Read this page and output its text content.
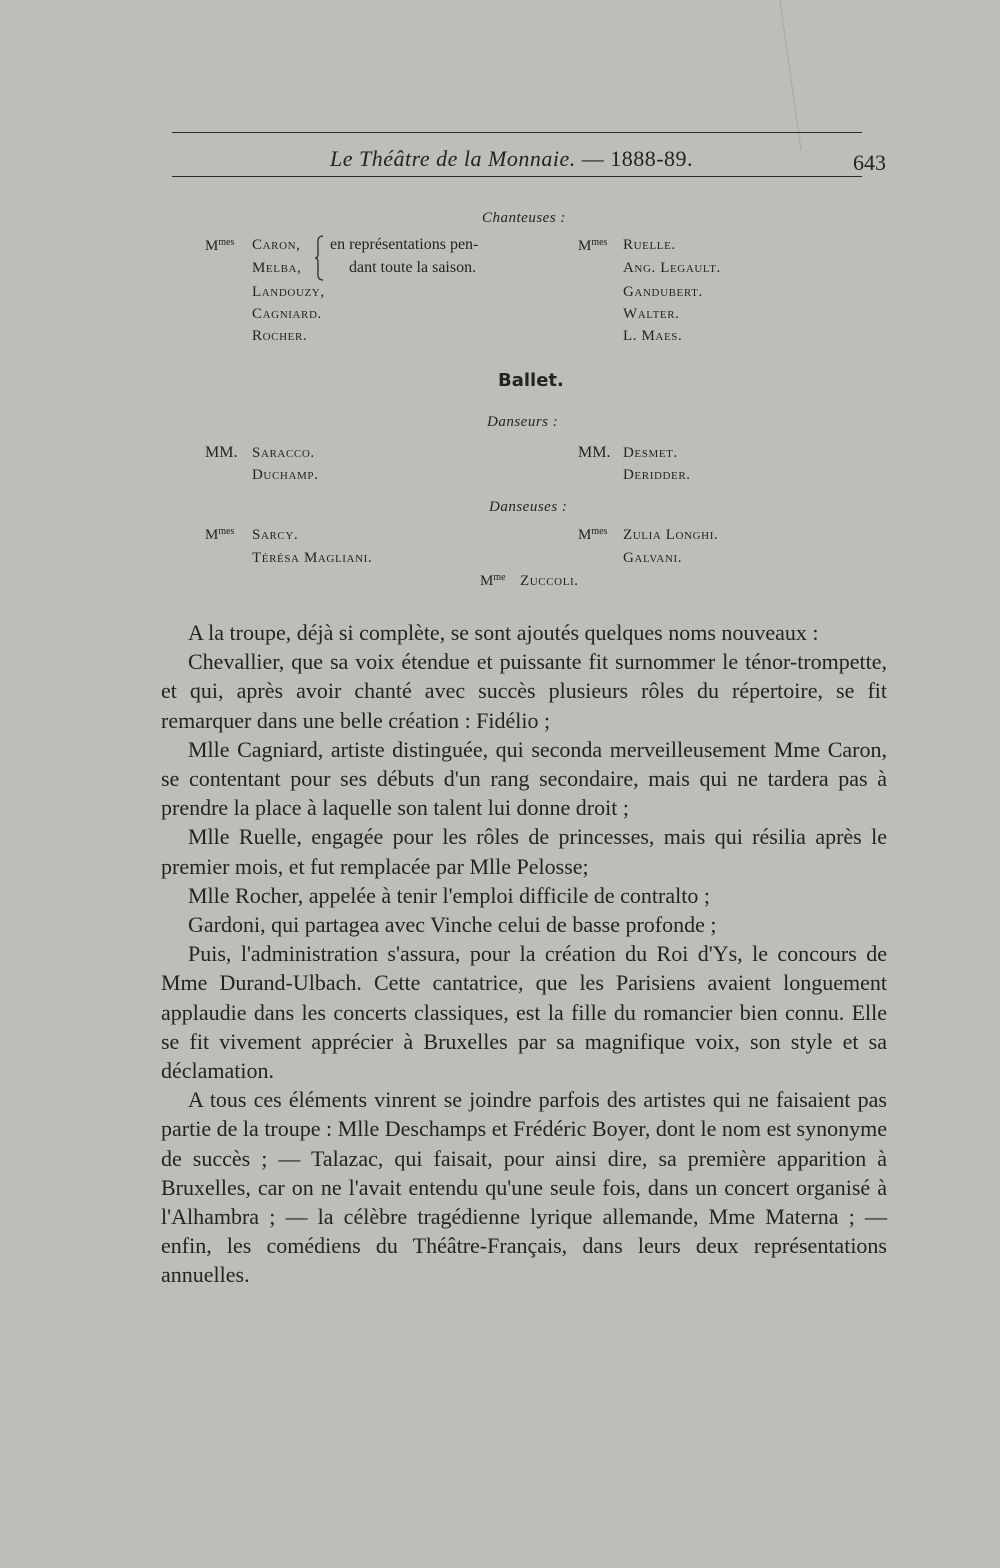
Le Théâtre de la Monnaie. — 1888-89.	643
Chanteuses :
$M^{mes}$ Caron,
Melba,
Landouzy,
Cagniard.
Rocher.
en représentations pen-
dant toute la saison.
$M^{mes}$ Ruelle.
Ang. Legault.
Gandubert.
Walter.
L. Maes.
Ballet.
Danseurs :
MM. Saracco.
Duchamp.
MM. Desmet.
Deridder.
Danseuses :
$M^{mes}$ Sarcy.
Térésa Magliani.
$M^{mes}$ Zulia Longhi.
Galvani.
$M^{me}$ Zuccoli.

A la troupe, déjà si complète, se sont ajoutés quelques noms nouveaux :

Chevallier, que sa voix étendue et puissante fit surnommer le ténor-trompette, et qui, après avoir chanté avec succès plusieurs rôles du répertoire, se fit remarquer dans une belle création : Fidélio ;

Mlle Cagniard, artiste distinguée, qui seconda merveilleusement Mme Caron, se contentant pour ses débuts d'un rang secondaire, mais qui ne tardera pas à prendre la place à laquelle son talent lui donne droit ;

Mlle Ruelle, engagée pour les rôles de princesses, mais qui résilia après le premier mois, et fut remplacée par Mlle Pelosse;

Mlle Rocher, appelée à tenir l'emploi difficile de contralto ;

Gardoni, qui partagea avec Vinche celui de basse profonde ;

Puis, l'administration s'assura, pour la création du Roi d'Ys, le concours de Mme Durand-Ulbach. Cette cantatrice, que les Parisiens avaient longuement applaudie dans les concerts classiques, est la fille du romancier bien connu. Elle se fit vivement apprécier à Bruxelles par sa magnifique voix, son style et sa déclamation.

A tous ces éléments vinrent se joindre parfois des artistes qui ne faisaient pas partie de la troupe : Mlle Deschamps et Frédéric Boyer, dont le nom est synonyme de succès ; — Talazac, qui faisait, pour ainsi dire, sa première apparition à Bruxelles, car on ne l'avait entendu qu'une seule fois, dans un concert organisé à l'Alhambra ; — la célèbre tragédienne lyrique allemande, Mme Materna ; — enfin, les comédiens du Théâtre-Français, dans leurs deux représentations annuelles.
